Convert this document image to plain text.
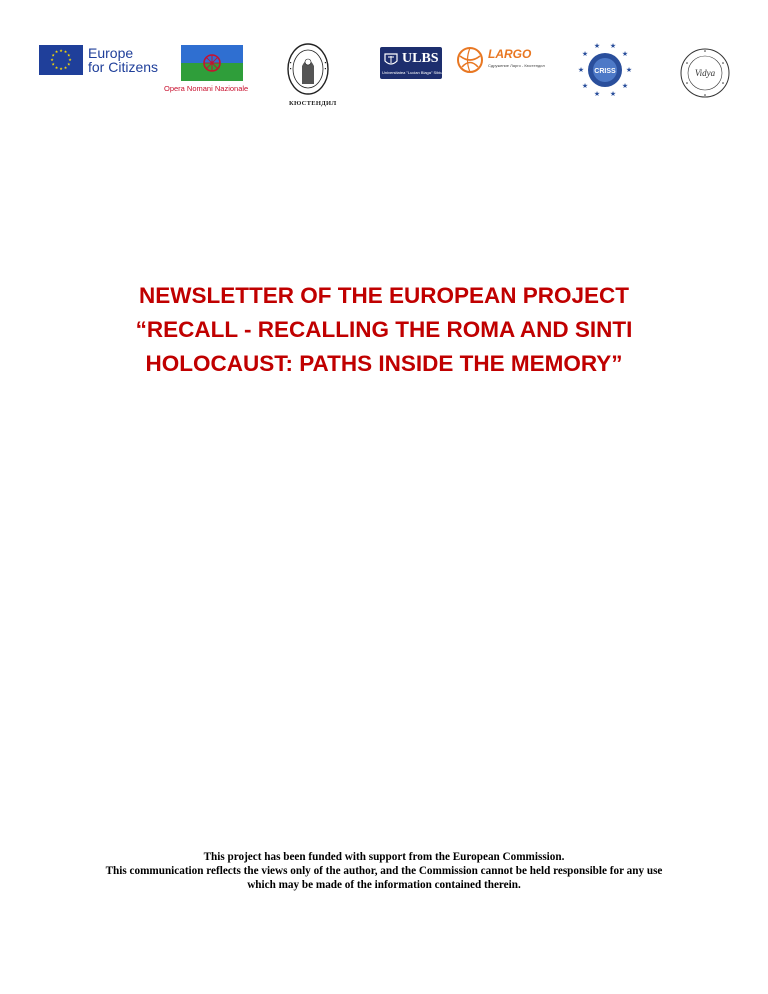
★ ★
★
★
★
★
★
★
★
★
★
★ Europe
for Citizens
Opera Nomani Nazionale
КЮСТЕНДИЛ
ULBS
Universitatea "Lucian Blaga" Sibiu
LARGO
Сдружение Ларго - Кюстендил
★
★
★ ★
★
★
★
★
★
★
CRISS	Vidya
NEWSLETTER OF THE EUROPEAN PROJECT
“RECALL - RECALLING THE ROMA AND SINTI
HOLOCAUST: PATHS INSIDE THE MEMORY”
This project has been funded with support from the European Commission.
This communication reflects the views only of the author, and the Commission cannot be held responsible for any use
which may be made of the information contained therein.
